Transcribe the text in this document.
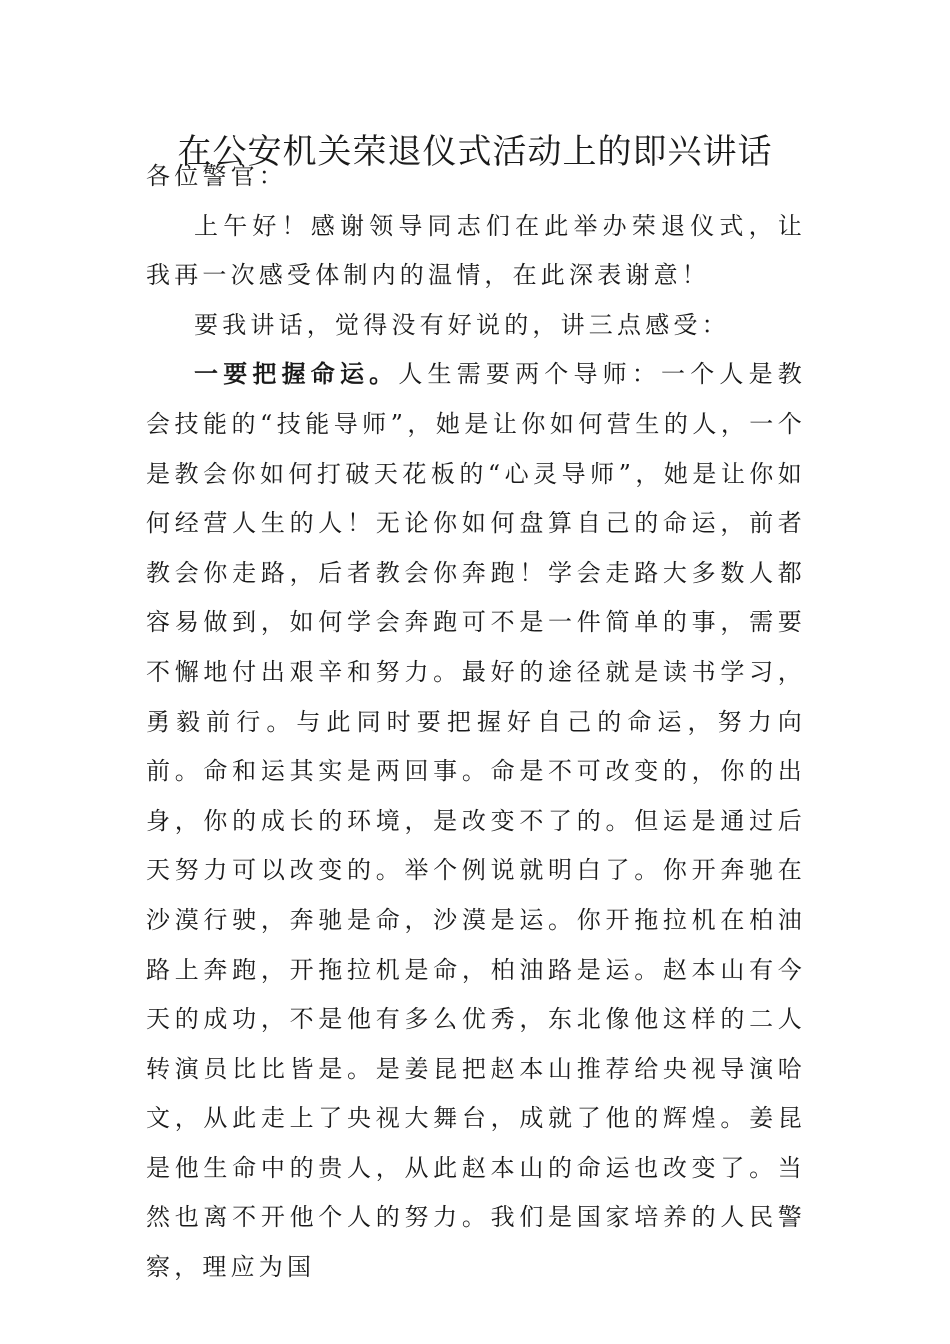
在公安机关荣退仪式活动上的即兴讲话

各位警官：

上午好！感谢领导同志们在此举办荣退仪式，让我再一次感受体制内的温情，在此深表谢意！

要我讲话，觉得没有好说的，讲三点感受：

一要把握命运。人生需要两个导师：一个人是教会技能的“技能导师”，她是让你如何营生的人，一个是教会你如何打破天花板的“心灵导师”，她是让你如何经营人生的人！无论你如何盘算自己的命运，前者教会你走路，后者教会你奔跑！学会走路大多数人都容易做到，如何学会奔跑可不是一件简单的事，需要不懈地付出艰辛和努力。最好的途径就是读书学习，勇毅前行。与此同时要把握好自己的命运，努力向前。命和运其实是两回事。命是不可改变的，你的出身，你的成长的环境，是改变不了的。但运是通过后天努力可以改变的。举个例说就明白了。你开奔驰在沙漠行驶，奔驰是命，沙漠是运。你开拖拉机在柏油路上奔跑，开拖拉机是命，柏油路是运。赵本山有今天的成功，不是他有多么优秀，东北像他这样的二人转演员比比皆是。是姜昆把赵本山推荐给央视导演哈文，从此走上了央视大舞台，成就了他的辉煌。姜昆是他生命中的贵人，从此赵本山的命运也改变了。当然也离不开他个人的努力。我们是国家培养的人民警察，理应为国
